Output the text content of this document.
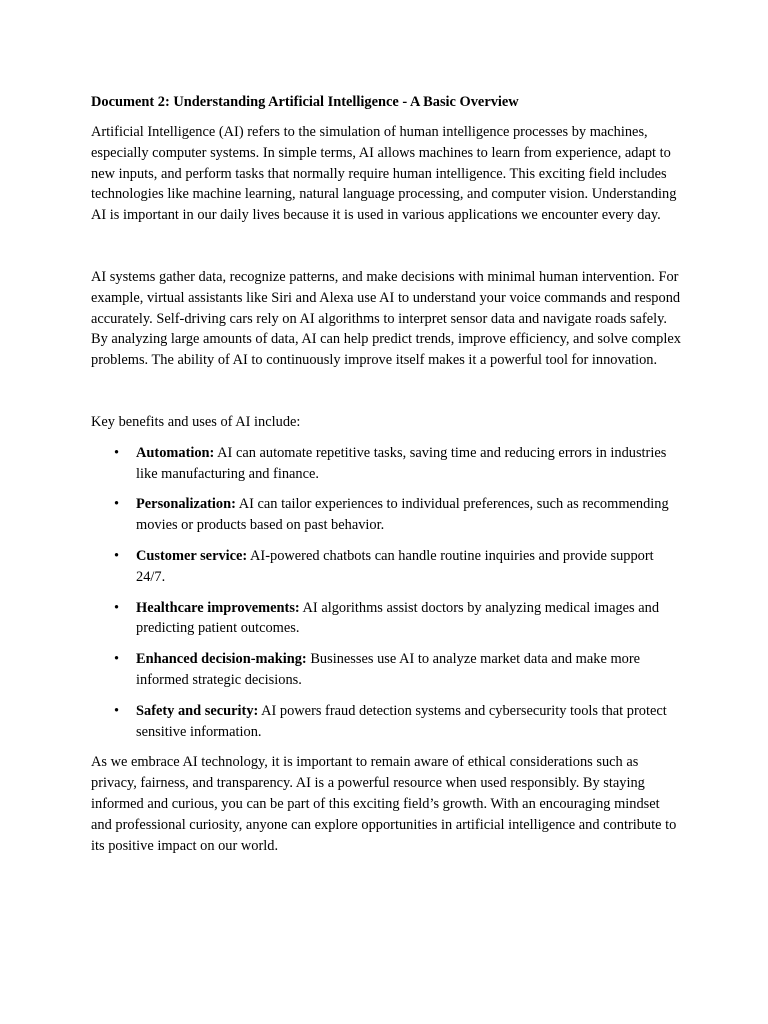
Document 2: Understanding Artificial Intelligence - A Basic Overview

Artificial Intelligence (AI) refers to the simulation of human intelligence processes by machines, especially computer systems. In simple terms, AI allows machines to learn from experience, adapt to new inputs, and perform tasks that normally require human intelligence. This exciting field includes technologies like machine learning, natural language processing, and computer vision. Understanding AI is important in our daily lives because it is used in various applications we encounter every day.

AI systems gather data, recognize patterns, and make decisions with minimal human intervention. For example, virtual assistants like Siri and Alexa use AI to understand your voice commands and respond accurately. Self-driving cars rely on AI algorithms to interpret sensor data and navigate roads safely. By analyzing large amounts of data, AI can help predict trends, improve efficiency, and solve complex problems. The ability of AI to continuously improve itself makes it a powerful tool for innovation.

Key benefits and uses of AI include:

• Automation: AI can automate repetitive tasks, saving time and reducing errors in industries like manufacturing and finance.
• Personalization: AI can tailor experiences to individual preferences, such as recommending movies or products based on past behavior.
• Customer service: AI-powered chatbots can handle routine inquiries and provide support 24/7.
• Healthcare improvements: AI algorithms assist doctors by analyzing medical images and predicting patient outcomes.
• Enhanced decision-making: Businesses use AI to analyze market data and make more informed strategic decisions.
• Safety and security: AI powers fraud detection systems and cybersecurity tools that protect sensitive information.

As we embrace AI technology, it is important to remain aware of ethical considerations such as privacy, fairness, and transparency. AI is a powerful resource when used responsibly. By staying informed and curious, you can be part of this exciting field’s growth. With an encouraging mindset and professional curiosity, anyone can explore opportunities in artificial intelligence and contribute to its positive impact on our world.
